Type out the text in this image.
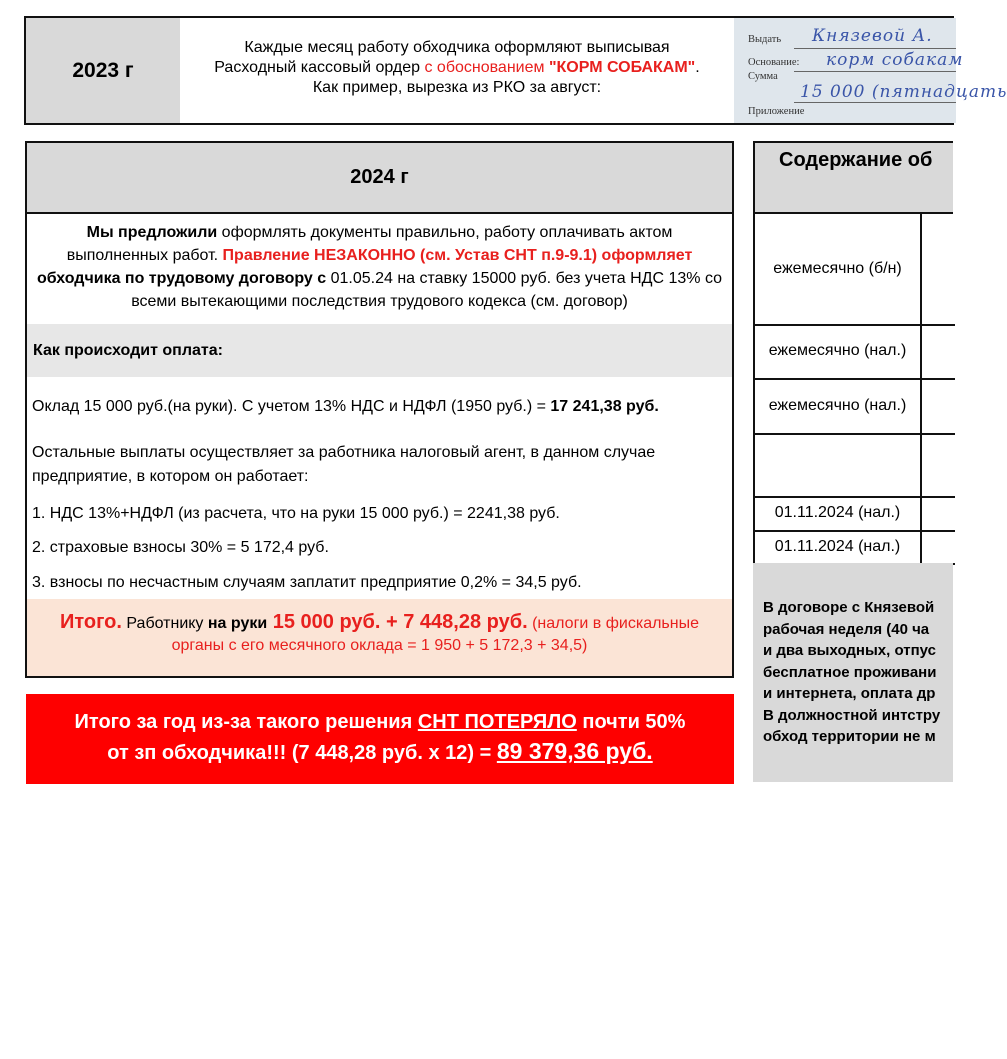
2023 г
Каждые месяц работу обходчика оформляют выписывая
Расходный кассовый ордер с обоснованием "КОРМ СОБАКАМ".
Как пример, вырезка из РКО за август:
Выдать Князевой А.
Основание: корм собакам
Сумма
15 000 (пятнадцать
Приложение
2024 г
Мы предложили оформлять документы правильно, работу оплачивать актом выполненных работ. Правление НЕЗАКОННО (см. Устав СНТ п.9-9.1) оформляет обходчика по трудовому договору с 01.05.24 на ставку 15000 руб. без учета НДС 13% со всеми вытекающими последствия трудового кодекса (см. договор)
Как происходит оплата:
Оклад 15 000 руб.(на руки). С учетом 13% НДС и НДФЛ (1950 руб.) = 17 241,38 руб.
Остальные выплаты осуществляет за работника налоговый агент, в данном случае предприятие, в котором он работает:
1. НДС 13%+НДФЛ (из расчета, что на руки 15 000 руб.) = 2241,38 руб.
2. страховые взносы 30% = 5 172,4 руб.
3. взносы по несчастным случаям заплатит предприятие 0,2% = 34,5 руб.
Итого. Работнику на руки 15 000 руб. + 7 448,28 руб. (налоги в фискальные
органы с его месячного оклада = 1 950 + 5 172,3 + 34,5)
Итого за год из-за такого решения СНТ ПОТЕРЯЛО почти 50%
от зп обходчика!!! (7 448,28 руб. х 12) = 89 379,36 руб.
Содержание об
ежемесячно (б/н)
ежемесячно (нал.)
ежемесячно (нал.)
01.11.2024 (нал.)
01.11.2024 (нал.)
В договоре с Князевой
рабочая неделя (40 ча
и два выходных, отпус
бесплатное проживани
и интернета, оплата др
В должностной интстру
обход территории не м
